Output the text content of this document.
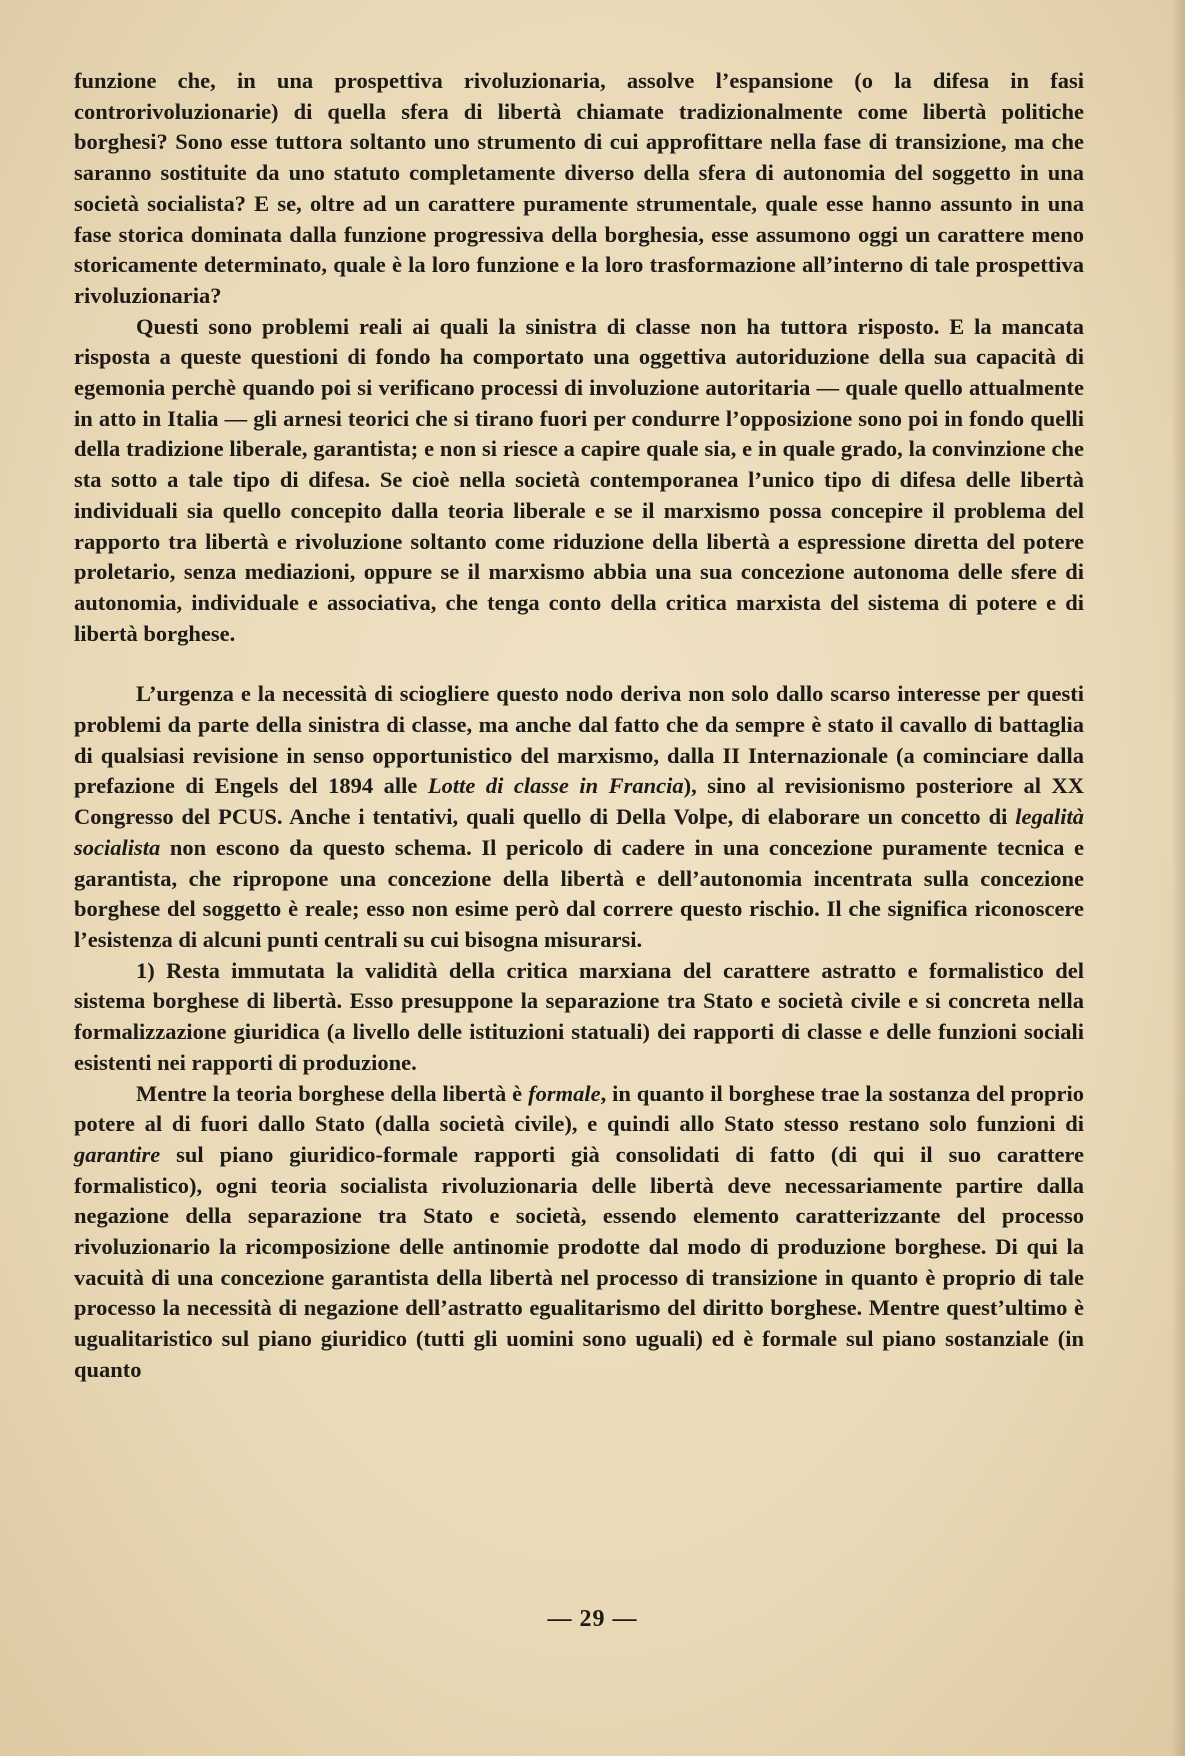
funzione che, in una prospettiva rivoluzionaria, assolve l’espansione (o la difesa in fasi controrivoluzionarie) di quella sfera di libertà chiamate tradizionalmente come libertà politiche borghesi? Sono esse tuttora soltanto uno strumento di cui approfittare nella fase di transizione, ma che saranno sostituite da uno statuto completamente diverso della sfera di autonomia del soggetto in una società socialista? E se, oltre ad un carattere puramente strumentale, quale esse hanno assunto in una fase storica dominata dalla funzione progressiva della borghesia, esse assumono oggi un carattere meno storicamente determinato, quale è la loro funzione e la loro trasformazione all’interno di tale prospettiva rivoluzionaria?

Questi sono problemi reali ai quali la sinistra di classe non ha tuttora risposto. E la mancata risposta a queste questioni di fondo ha comportato una oggettiva autoriduzione della sua capacità di egemonia perchè quando poi si verificano processi di involuzione autoritaria — quale quello attualmente in atto in Italia — gli arnesi teorici che si tirano fuori per condurre l’opposizione sono poi in fondo quelli della tradizione liberale, garantista; e non si riesce a capire quale sia, e in quale grado, la convinzione che sta sotto a tale tipo di difesa. Se cioè nella società contemporanea l’unico tipo di difesa delle libertà individuali sia quello concepito dalla teoria liberale e se il marxismo possa concepire il problema del rapporto tra libertà e rivoluzione soltanto come riduzione della libertà a espressione diretta del potere proletario, senza mediazioni, oppure se il marxismo abbia una sua concezione autonoma delle sfere di autonomia, individuale e associativa, che tenga conto della critica marxista del sistema di potere e di libertà borghese.

L’urgenza e la necessità di sciogliere questo nodo deriva non solo dallo scarso interesse per questi problemi da parte della sinistra di classe, ma anche dal fatto che da sempre è stato il cavallo di battaglia di qualsiasi revisione in senso opportunistico del marxismo, dalla II Internazionale (a cominciare dalla prefazione di Engels del 1894 alle Lotte di classe in Francia), sino al revisionismo posteriore al XX Congresso del PCUS. Anche i tentativi, quali quello di Della Volpe, di elaborare un concetto di legalità socialista non escono da questo schema. Il pericolo di cadere in una concezione puramente tecnica e garantista, che ripropone una concezione della libertà e dell’autonomia incentrata sulla concezione borghese del soggetto è reale; esso non esime però dal correre questo rischio. Il che significa riconoscere l’esistenza di alcuni punti centrali su cui bisogna misurarsi.

1) Resta immutata la validità della critica marxiana del carattere astratto e formalistico del sistema borghese di libertà. Esso presuppone la separazione tra Stato e società civile e si concreta nella formalizzazione giuridica (a livello delle istituzioni statuali) dei rapporti di classe e delle funzioni sociali esistenti nei rapporti di produzione.

Mentre la teoria borghese della libertà è formale, in quanto il borghese trae la sostanza del proprio potere al di fuori dallo Stato (dalla società civile), e quindi allo Stato stesso restano solo funzioni di garantire sul piano giuridico-formale rapporti già consolidati di fatto (di qui il suo carattere formalistico), ogni teoria socialista rivoluzionaria delle libertà deve necessariamente partire dalla negazione della separazione tra Stato e società, essendo elemento caratterizzante del processo rivoluzionario la ricomposizione delle antinomie prodotte dal modo di produzione borghese. Di qui la vacuità di una concezione garantista della libertà nel processo di transizione in quanto è proprio di tale processo la necessità di negazione dell’astratto egualitarismo del diritto borghese. Mentre quest’ultimo è ugualitaristico sul piano giuridico (tutti gli uomini sono uguali) ed è formale sul piano sostanziale (in quanto

— 29 —
